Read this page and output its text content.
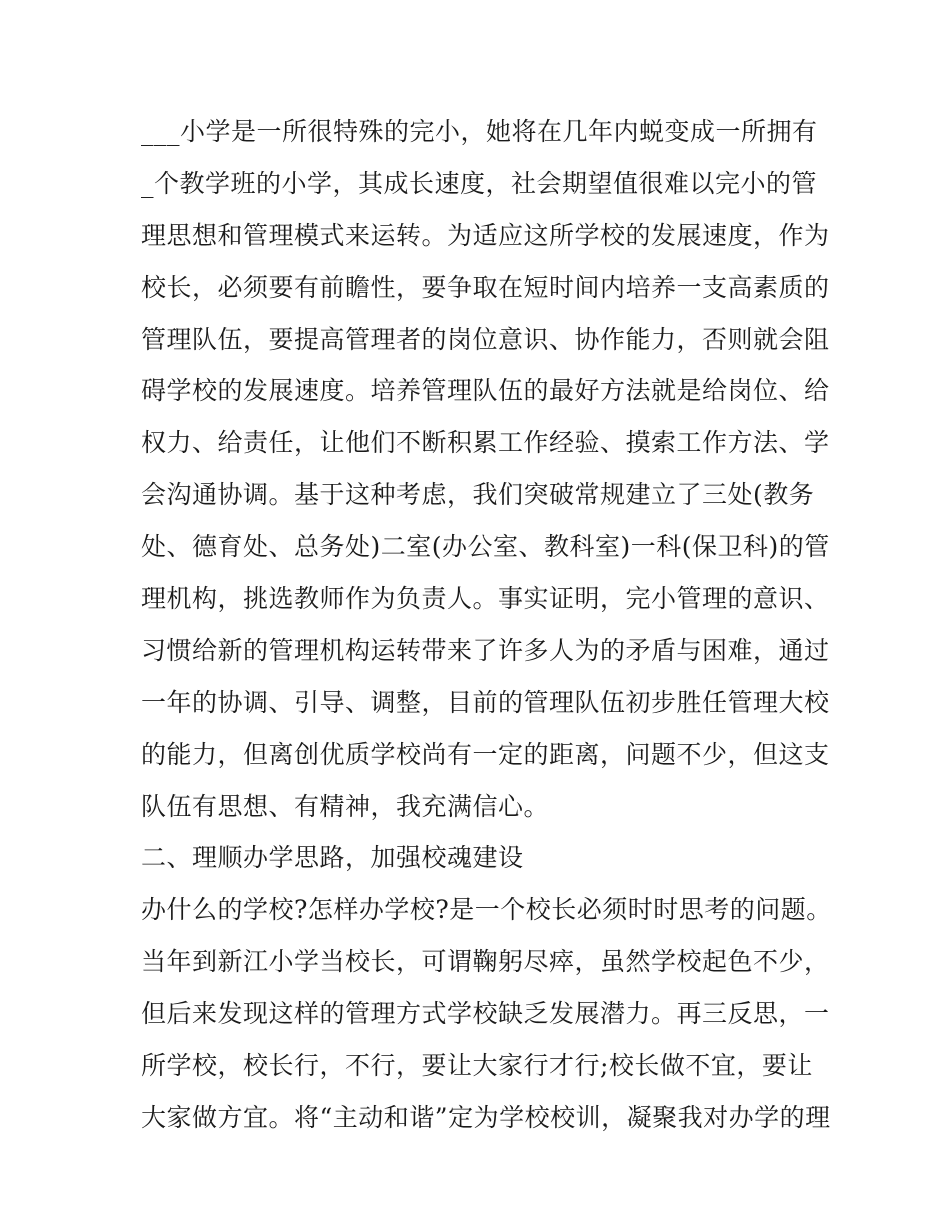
___小学是一所很特殊的完小，她将在几年内蜕变成一所拥有
_个教学班的小学，其成长速度，社会期望值很难以完小的管
理思想和管理模式来运转。为适应这所学校的发展速度，作为
校长，必须要有前瞻性，要争取在短时间内培养一支高素质的
管理队伍，要提高管理者的岗位意识、协作能力，否则就会阻
碍学校的发展速度。培养管理队伍的最好方法就是给岗位、给
权力、给责任，让他们不断积累工作经验、摸索工作方法、学
会沟通协调。基于这种考虑，我们突破常规建立了三处(教务
处、德育处、总务处)二室(办公室、教科室)一科(保卫科)的管
理机构，挑选教师作为负责人。事实证明，完小管理的意识、
习惯给新的管理机构运转带来了许多人为的矛盾与困难，通过
一年的协调、引导、调整，目前的管理队伍初步胜任管理大校
的能力，但离创优质学校尚有一定的距离，问题不少，但这支
队伍有思想、有精神，我充满信心。
二、理顺办学思路，加强校魂建设
办什么的学校?怎样办学校?是一个校长必须时时思考的问题。
当年到新江小学当校长，可谓鞠躬尽瘁，虽然学校起色不少，
但后来发现这样的管理方式学校缺乏发展潜力。再三反思，一
所学校，校长行，不行，要让大家行才行;校长做不宜，要让
大家做方宜。将“主动和谐”定为学校校训，凝聚我对办学的理
